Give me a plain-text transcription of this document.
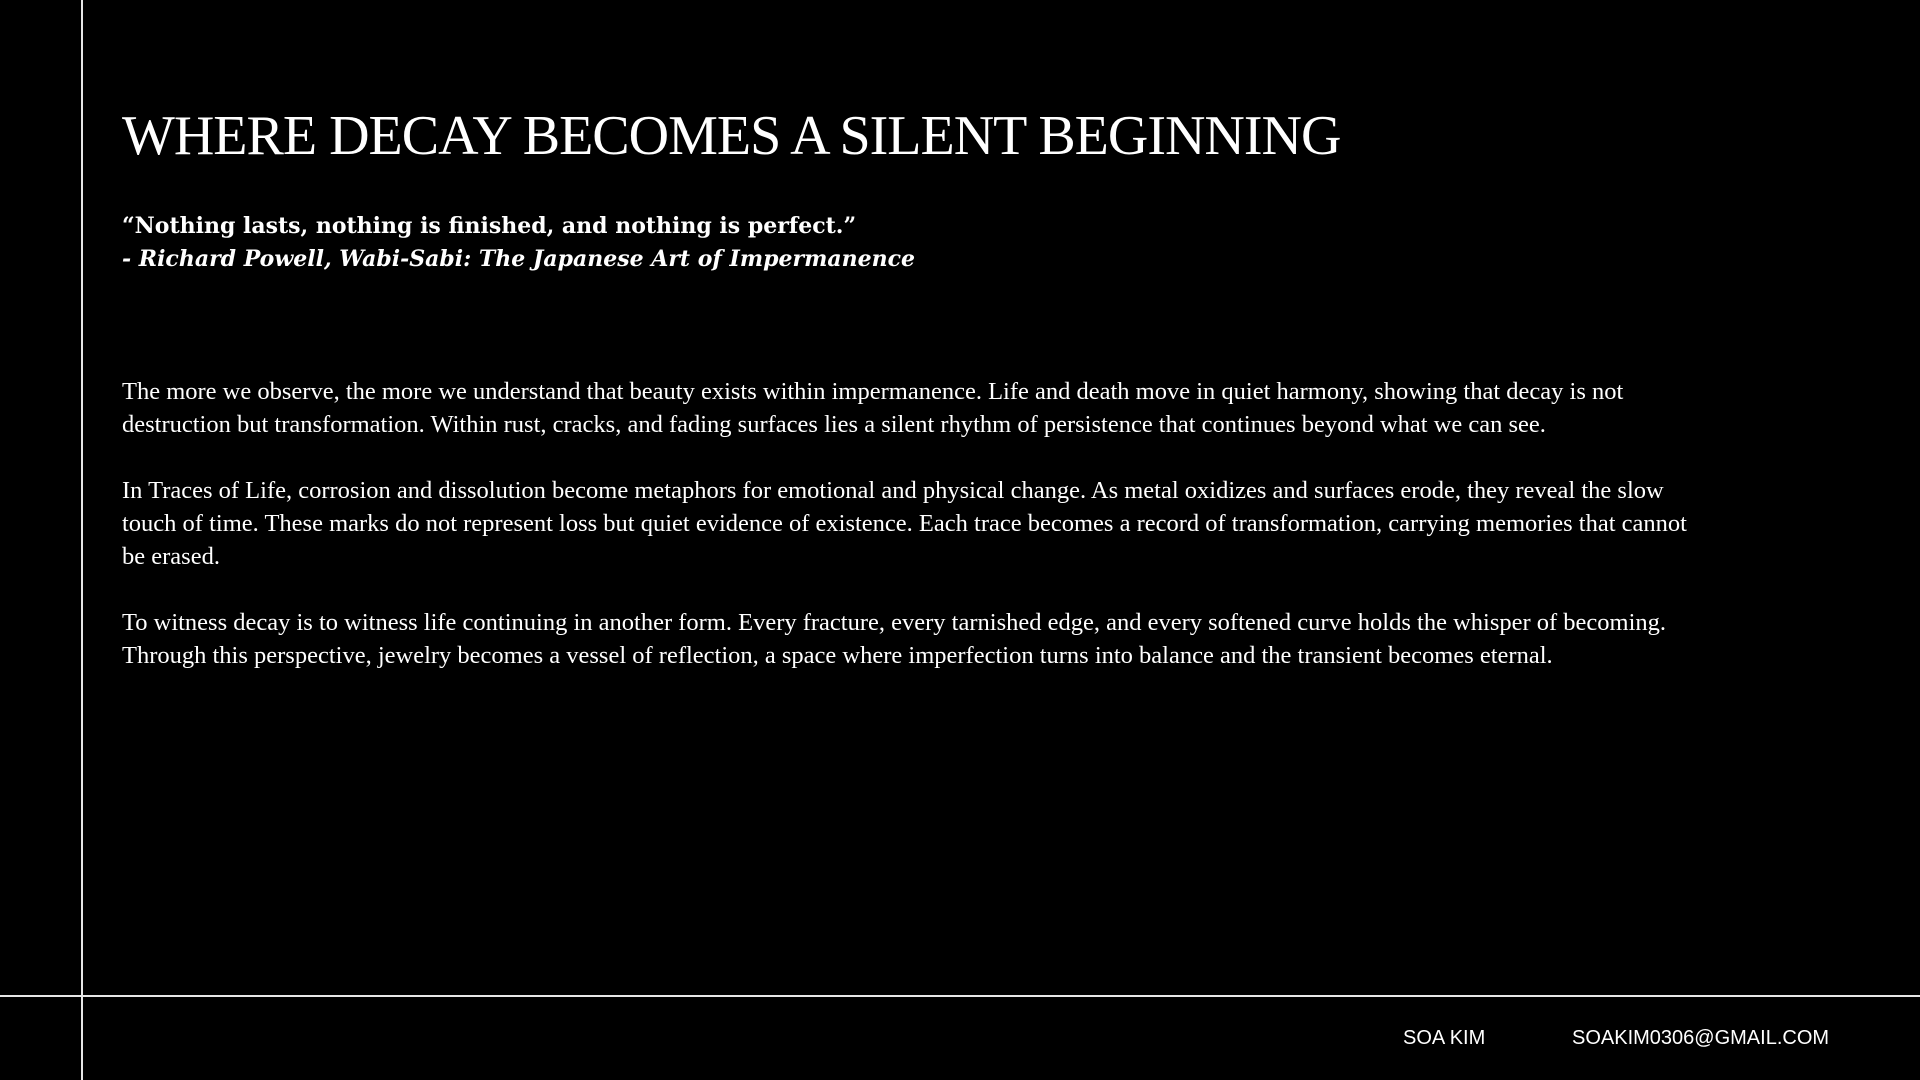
WHERE DECAY BECOMES A SILENT BEGINNING
“Nothing lasts, nothing is finished, and nothing is perfect.”
- Richard Powell, Wabi-Sabi: The Japanese Art of Impermanence

The more we observe, the more we understand that beauty exists within impermanence. Life and death move in quiet harmony, showing that decay is not destruction but transformation. Within rust, cracks, and fading surfaces lies a silent rhythm of persistence that continues beyond what we can see.

In Traces of Life, corrosion and dissolution become metaphors for emotional and physical change. As metal oxidizes and surfaces erode, they reveal the slow touch of time. These marks do not represent loss but quiet evidence of existence. Each trace becomes a record of transformation, carrying memories that cannot be erased.

To witness decay is to witness life continuing in another form. Every fracture, every tarnished edge, and every softened curve holds the whisper of becoming. Through this perspective, jewelry becomes a vessel of reflection, a space where imperfection turns into balance and the transient becomes eternal.

SOA KIM	SOAKIM0306@GMAIL.COM
